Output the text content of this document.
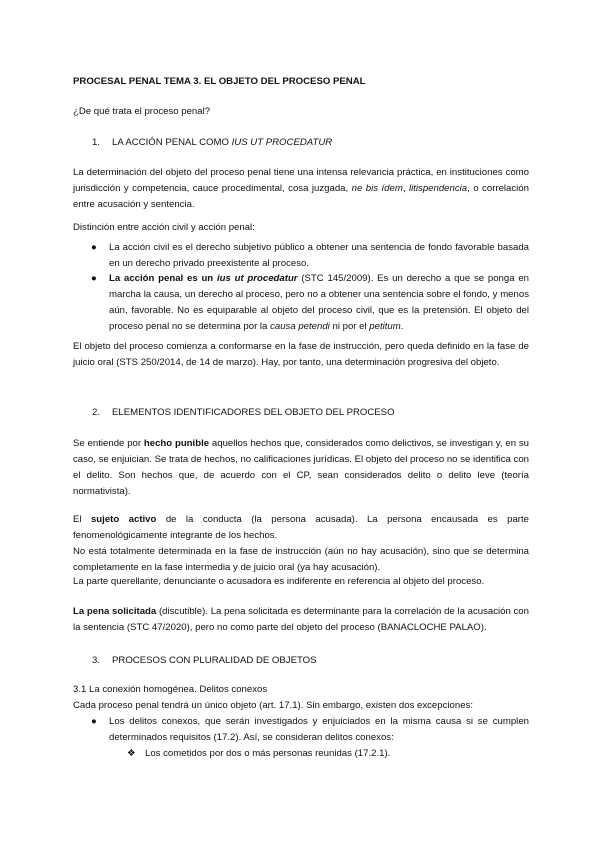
PROCESAL PENAL TEMA 3. EL OBJETO DEL PROCESO PENAL
¿De qué trata el proceso penal?
1. LA ACCIÓN PENAL COMO IUS UT PROCEDATUR
La determinación del objeto del proceso penal tiene una intensa relevancia práctica, en instituciones como jurisdicción y competencia, cauce procedimental, cosa juzgada, ne bis ídem, litispendencia, o correlación entre acusación y sentencia.
Distinción entre acción civil y acción penal:
● La acción civil es el derecho subjetivo público a obtener una sentencia de fondo favorable basada en un derecho privado preexistente al proceso.
● La acción penal es un ius ut procedatur (STC 145/2009). Es un derecho a que se ponga en marcha la causa, un derecho al proceso, pero no a obtener una sentencia sobre el fondo, y menos aún, favorable. No es equiparable al objeto del proceso civil, que es la pretensión. El objeto del proceso penal no se determina por la causa petendi ni por el petitum.
El objeto del proceso comienza a conformarse en la fase de instrucción, pero queda definido en la fase de juicio oral (STS 250/2014, de 14 de marzo). Hay, por tanto, una determinación progresiva del objeto.
2. ELEMENTOS IDENTIFICADORES DEL OBJETO DEL PROCESO
Se entiende por hecho punible aquellos hechos que, considerados como delictivos, se investigan y, en su caso, se enjuician. Se trata de hechos, no calificaciones jurídicas. El objeto del proceso no se identifica con el delito. Son hechos que, de acuerdo con el CP, sean considerados delito o delito leve (teoría normativista).
El sujeto activo de la conducta (la persona acusada). La persona encausada es parte fenomenológicamente integrante de los hechos.
No está totalmente determinada en la fase de instrucción (aún no hay acusación), sino que se determina completamente en la fase intermedia y de juicio oral (ya hay acusación).
La parte querellante, denunciante o acusadora es indiferente en referencia al objeto del proceso.
La pena solicitada (discutible). La pena solicitada es determinante para la correlación de la acusación con la sentencia (STC 47/2020), pero no como parte del objeto del proceso (BANACLOCHE PALAO).
3. PROCESOS CON PLURALIDAD DE OBJETOS
3.1 La conexión homogénea. Delitos conexos
Cada proceso penal tendrá un único objeto (art. 17.1). Sin embargo, existen dos excepciones:
● Los delitos conexos, que serán investigados y enjuiciados en la misma causa si se cumplen determinados requisitos (17.2). Así, se consideran delitos conexos:
❖ Los cometidos por dos o más personas reunidas (17.2.1).
